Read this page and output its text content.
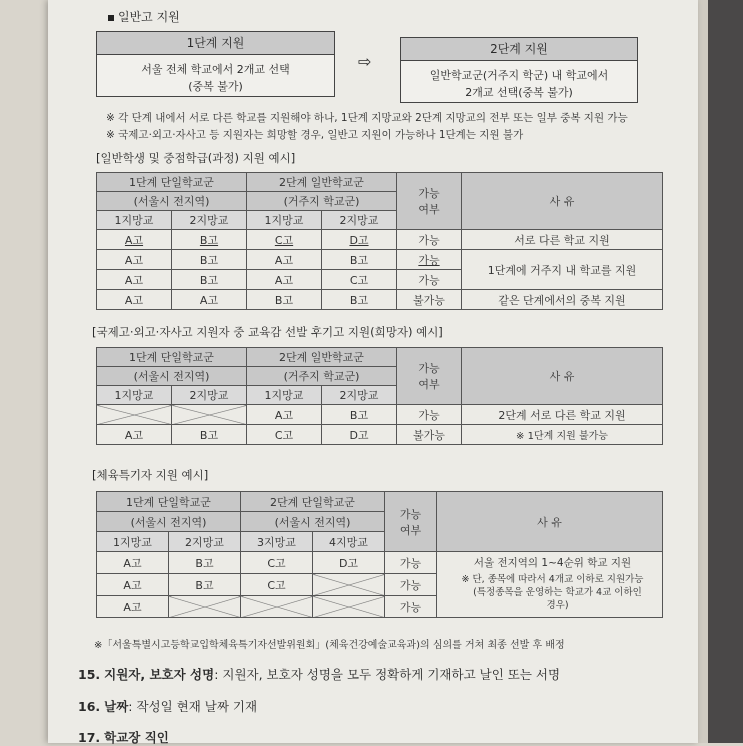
일반고 지원
1단계 지원
서울 전체 학교에서 2개교 선택
(중복 불가)
⇨
2단계 지원
일반학교군(거주지 학군) 내 학교에서
2개교 선택(중복 불가)
※ 각 단계 내에서 서로 다른 학교를 지원해야 하나, 1단계 지망교와 2단계 지망교의 전부 또는 일부 중복 지원 가능
※ 국제고·외고·자사고 등 지원자는 희망할 경우, 일반고 지원이 가능하나 1단계는 지원 불가
[일반학생 및 중점학급(과정) 지원 예시]
1단계 단일학교군		2단계 일반학교군		가능
여부	사 유
(서울시 전지역)		(거주지 학교군)			
1지망교	2지망교	1지망교	2지망교		
A고	B고	C고	D고	가능	서로 다른 학교 지원
A고	B고	A고	B고	가능	1단계에 거주지 내 학교를 지원
A고	B고	A고	C고	가능	
A고	A고	B고	B고	불가능	같은 단계에서의 중복 지원
[국제고·외고·자사고 지원자 중 교육감 선발 후기고 지원(희망자) 예시]
1단계 단일학교군		2단계 일반학교군		가능
여부	사 유
(서울시 전지역)		(거주지 학교군)			
1지망교	2지망교	1지망교	2지망교		
		A고	B고	가능	2단계 서로 다른 학교 지원
A고	B고	C고	D고	불가능	※ 1단계 지원 불가능
[체육특기자 지원 예시]
1단계 단일학교군		2단계 단일학교군		가능
여부	사 유
(서울시 전지역)		(서울시 전지역)			
1지망교	2지망교	3지망교	4지망교		
A고	B고	C고	D고	가능	서울 전지역의 1~4순위 학교 지원
※ 단, 종목에 따라서 4개교 이하로 지원가능
(특정종목을 운영하는 학교가 4교 이하인
경우)

A고	B고	C고		가능	
A고				가능	
※「서울특별시고등학교입학체육특기자선발위원회」(체육건강예술교육과)의 심의를 거쳐 최종 선발 후 배정
15. 지원자, 보호자 성명: 지원자, 보호자 성명을 모두 정확하게 기재하고 날인 또는 서명
16. 날짜: 작성일 현재 날짜 기재
17. 학교장 직인
